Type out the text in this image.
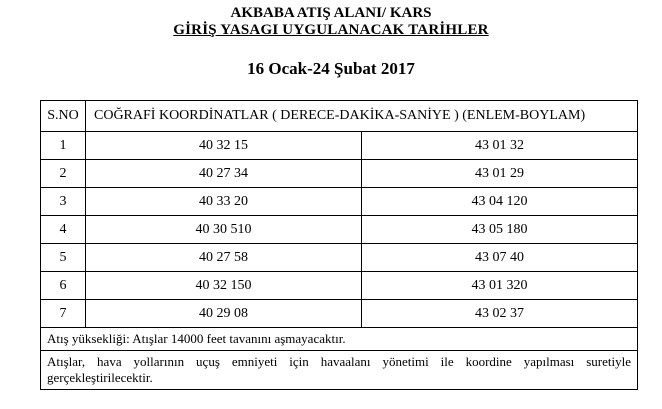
AKBABA ATIŞ ALANI/ KARS
GİRİŞ YASAGI UYGULANACAK TARİHLER
16 Ocak-24 Şubat 2017
S.NO	COĞRAFİ KOORDİNATLAR ( DERECE-DAKİKA-SANİYE ) (ENLEM-BOYLAM)	
1	40 32 15	43 01 32
2	40 27 34	43 01 29
3	40 33 20	43 04 120
4	40 30 510	43 05 180
5	40 27 58	43 07 40
6	40 32 150	43 01 320
7	40 29 08	43 02 37
Atış yüksekliği: Atışlar 14000 feet tavanını aşmayacaktır.		
Atışlar, hava yollarının uçuş emniyeti için havaalanı yönetimi ile koordine yapılması suretiyle gerçekleştirilecektir.		
